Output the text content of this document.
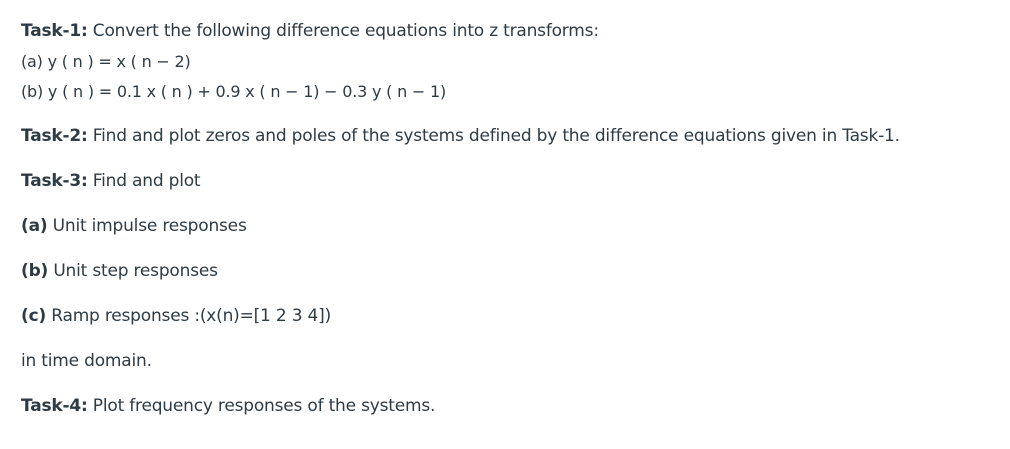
Task-1: Convert the following difference equations into z transforms:
(a) y ( n ) = x ( n − 2)
(b) y ( n ) = 0.1 x ( n ) + 0.9 x ( n − 1) − 0.3 y ( n − 1)
Task-2: Find and plot zeros and poles of the systems defined by the difference equations given in Task-1.
Task-3: Find and plot
(a) Unit impulse responses
(b) Unit step responses
(c) Ramp responses :(x(n)=[1 2 3 4])
in time domain.
Task-4: Plot frequency responses of the systems.
